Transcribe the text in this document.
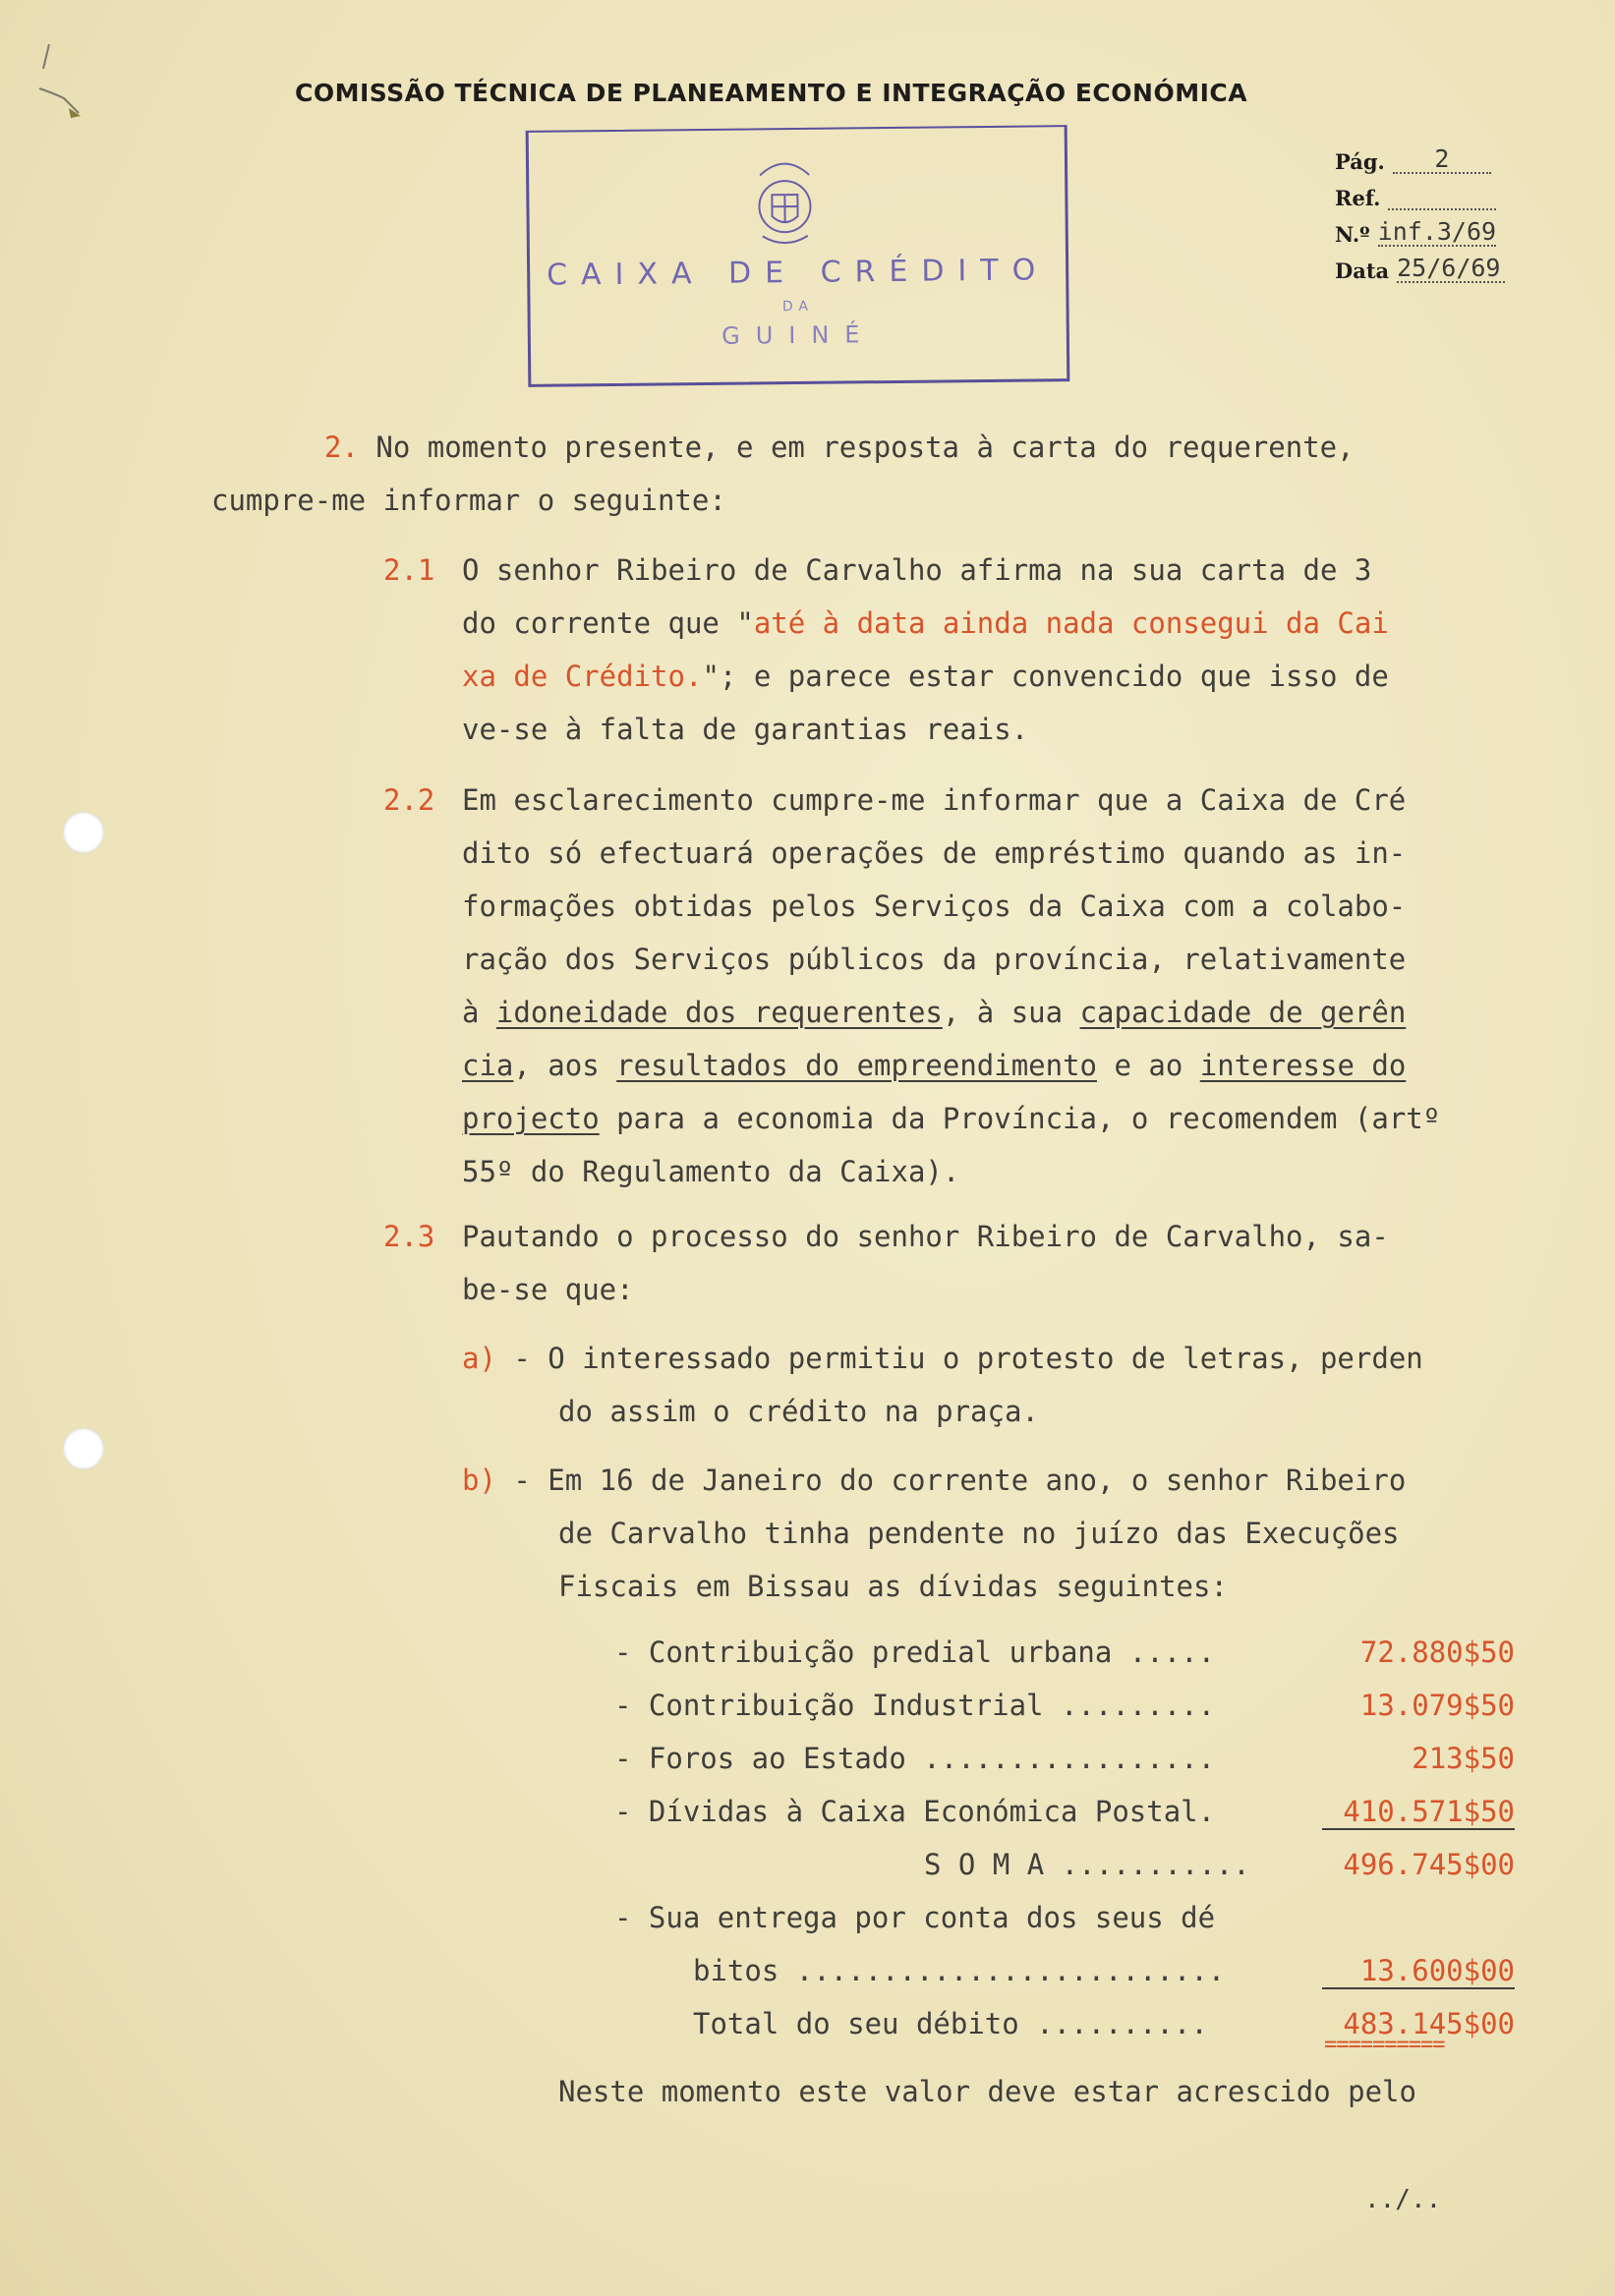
COMISSÃO TÉCNICA DE PLANEAMENTO E INTEGRAÇÃO ECONÓMICA
CAIXA DE CRÉDITO
DA
GUINÉ
Pág.	2
Ref.
N.º inf.3/69
Data 25/6/69
2. No momento presente, e em resposta à carta do requerente,
cumpre-me informar o seguinte:
2.1 O senhor Ribeiro de Carvalho afirma na sua carta de 3
do corrente que "até à data ainda nada consegui da Cai
xa de Crédito."; e parece estar convencido que isso de
ve-se à falta de garantias reais.
2.2 Em esclarecimento cumpre-me informar que a Caixa de Cré
dito só efectuará operações de empréstimo quando as in-
formações obtidas pelos Serviços da Caixa com a colabo-
ração dos Serviços públicos da província, relativamente
à idoneidade dos requerentes, à sua capacidade de gerên
cia, aos resultados do empreendimento e ao interesse do
projecto para a economia da Província, o recomendem (artº
55º do Regulamento da Caixa).
2.3 Pautando o processo do senhor Ribeiro de Carvalho, sa-
be-se que:
a) - O interessado permitiu o protesto de letras, perden
do assim o crédito na praça.
b) - Em 16 de Janeiro do corrente ano, o senhor Ribeiro
de Carvalho tinha pendente no juízo das Execuções
Fiscais em Bissau as dívidas seguintes:
- Contribuição predial urbana .....	72.880$50
- Contribuição Industrial .........	13.079$50
- Foros ao Estado .................	213$50
- Dívidas à Caixa Económica Postal.	410.571$50
S O M A ...........	496.745$00
- Sua entrega por conta dos seus dé
bitos .........................	13.600$00
Total do seu débito ..........	483.145$00
==========
Neste momento este valor deve estar acrescido pelo
../..
